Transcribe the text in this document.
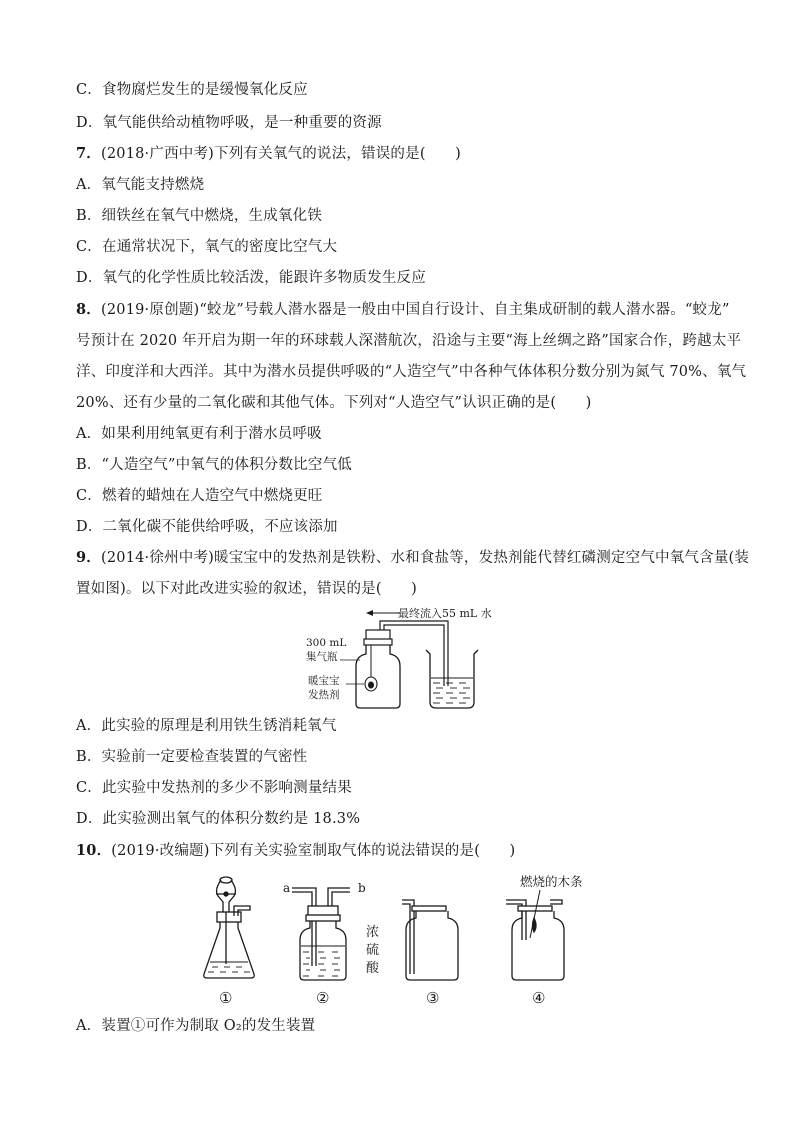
C．食物腐烂发生的是缓慢氧化反应
D．氧气能供给动植物呼吸，是一种重要的资源
7．(2018·广西中考)下列有关氧气的说法，错误的是(　　)
A．氧气能支持燃烧
B．细铁丝在氧气中燃烧，生成氧化铁
C．在通常状况下，氧气的密度比空气大
D．氧气的化学性质比较活泼，能跟许多物质发生反应
8．(2019·原创题)“蛟龙”号载人潜水器是一般由中国自行设计、自主集成研制的载人潜水器。“蛟龙”
号预计在 2020 年开启为期一年的环球载人深潜航次，沿途与主要“海上丝绸之路”国家合作，跨越太平
洋、印度洋和大西洋。其中为潜水员提供呼吸的“人造空气”中各种气体体积分数分别为氮气 70%、氧气
20%、还有少量的二氧化碳和其他气体。下列对“人造空气”认识正确的是(　　)
A．如果利用纯氧更有利于潜水员呼吸
B．“人造空气”中氧气的体积分数比空气低
C．燃着的蜡烛在人造空气中燃烧更旺
D．二氧化碳不能供给呼吸，不应该添加
9．(2014·徐州中考)暖宝宝中的发热剂是铁粉、水和食盐等，发热剂能代替红磷测定空气中氧气含量(装
置如图)。以下对此改进实验的叙述，错误的是(　　)
最终流入55 mL 水
300 mL
集气瓶
暖宝宝
发热剂
A．此实验的原理是利用铁生锈消耗氧气
B．实验前一定要检查装置的气密性
C．此实验中发热剂的多少不影响测量结果
D．此实验测出氧气的体积分数约是 18.3%
10．(2019·改编题)下列有关实验室制取气体的说法错误的是(　　)
a	b
浓
硫
酸
燃烧的木条
①	②	③	④
A．装置①可作为制取 O₂的发生装置
